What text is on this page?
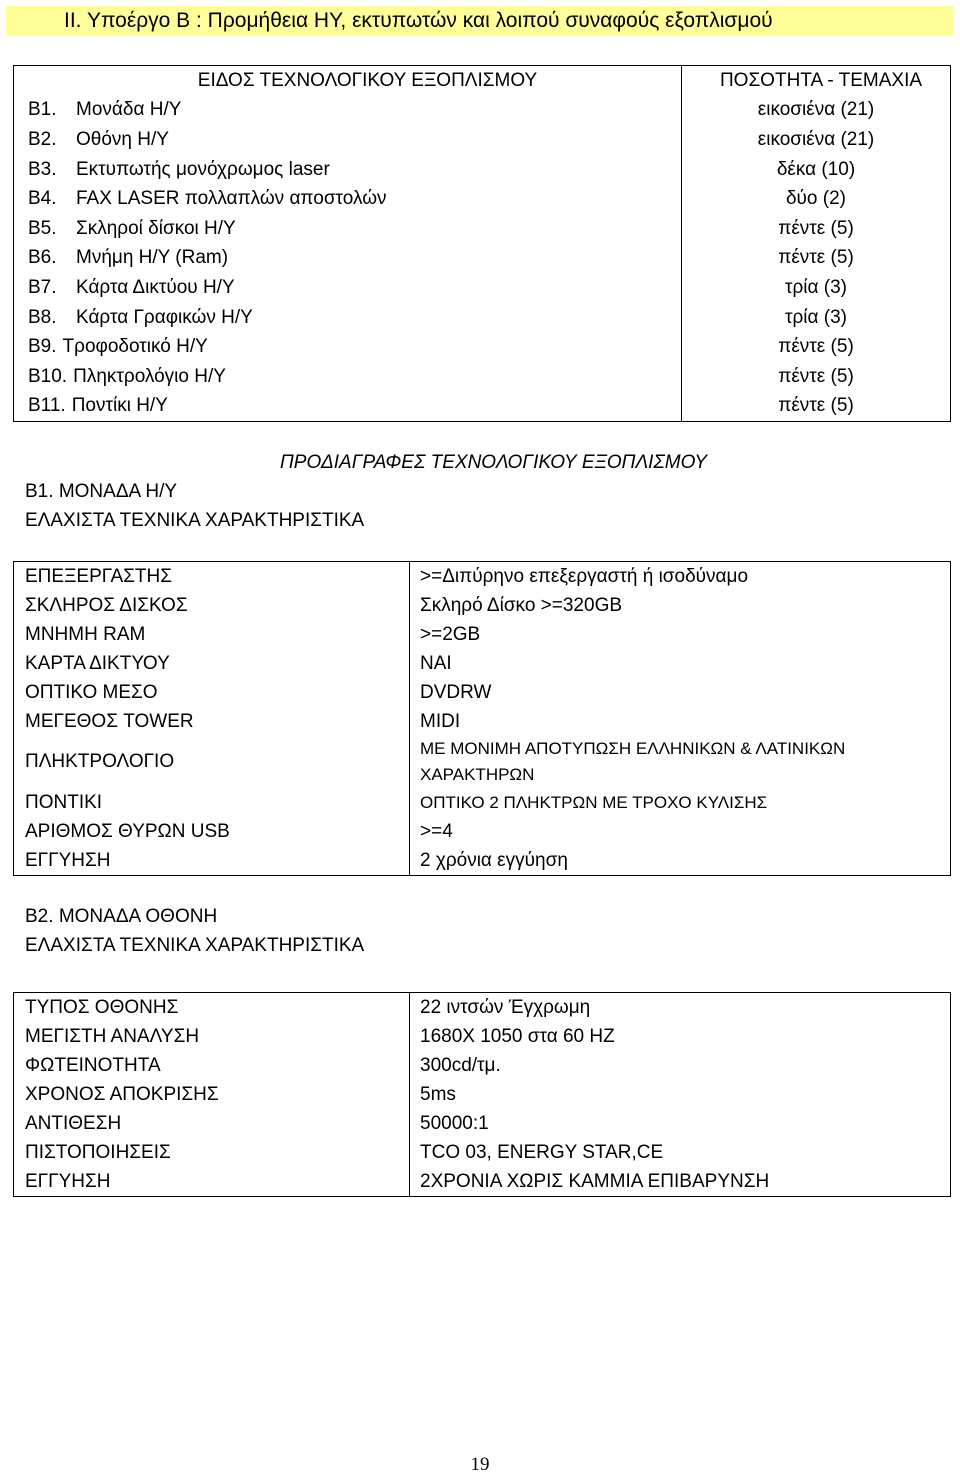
ΙΙ. Υποέργο Β : Προμήθεια ΗΥ, εκτυπωτών και λοιπού συναφούς εξοπλισμού
ΕΙΔΟΣ ΤΕΧΝΟΛΟΓΙΚΟΥ ΕΞΟΠΛΙΣΜΟΥ	ΠΟΣΟΤΗΤΑ - ΤΕΜΑΧΙΑ
Β1. Μονάδα Η/Υ	εικοσιένα (21)
Β2. Οθόνη Η/Υ	εικοσιένα (21)
Β3. Εκτυπωτής μονόχρωμος laser	δέκα (10)
Β4. FAX LASER πολλαπλών αποστολών	δύο (2)
Β5. Σκληροί δίσκοι Η/Υ	πέντε (5)
Β6. Μνήμη Η/Υ (Ram)	πέντε (5)
Β7. Κάρτα Δικτύου Η/Υ	τρία (3)
Β8. Κάρτα Γραφικών Η/Υ	τρία (3)
Β9. Τροφοδοτικό Η/Υ	πέντε (5)
Β10. Πληκτρολόγιο Η/Υ	πέντε (5)
Β11. Ποντίκι Η/Υ	πέντε (5)
ΠΡΟΔΙΑΓΡΑΦΕΣ ΤΕΧΝΟΛΟΓΙΚΟΥ ΕΞΟΠΛΙΣΜΟΥ
Β1. ΜΟΝΑΔΑ Η/Υ
ΕΛΑΧΙΣΤΑ ΤΕΧΝΙΚΑ ΧΑΡΑΚΤΗΡΙΣΤΙΚΑ
ΕΠΕΞΕΡΓΑΣΤΗΣ	>=Διπύρηνο επεξεργαστή ή ισοδύναμο
ΣΚΛΗΡΟΣ ΔΙΣΚΟΣ	Σκληρό Δίσκο >=320GB
ΜΝΗΜΗ RAM	>=2GB
ΚΑΡΤΑ ΔΙΚΤΥΟΥ	ΝΑΙ
ΟΠΤΙΚΟ ΜΕΣΟ	DVDRW
ΜΕΓΕΘΟΣ TOWER	MIDI
ΠΛΗΚΤΡΟΛΟΓΙΟ	ΜΕ ΜΟΝΙΜΗ ΑΠΟΤΥΠΩΣΗ ΕΛΛΗΝΙΚΩΝ & ΛΑΤΙΝΙΚΩΝ ΧΑΡΑΚΤΗΡΩΝ
ΠΟΝΤΙΚΙ	ΟΠΤΙΚΟ 2 ΠΛΗΚΤΡΩΝ ΜΕ ΤΡΟΧΟ ΚΥΛΙΣΗΣ
ΑΡΙΘΜΟΣ ΘΥΡΩΝ USB	>=4
ΕΓΓΥΗΣΗ	2 χρόνια εγγύηση
Β2. ΜΟΝΑΔΑ ΟΘΟΝΗ
ΕΛΑΧΙΣΤΑ ΤΕΧΝΙΚΑ ΧΑΡΑΚΤΗΡΙΣΤΙΚΑ
ΤΥΠΟΣ ΟΘΟΝΗΣ	22 ιντσών Έγχρωμη
ΜΕΓΙΣΤΗ ΑΝΑΛΥΣΗ	1680X 1050 στα 60 HZ
ΦΩΤΕΙΝΟΤΗΤΑ	300cd/τμ.
ΧΡΟΝΟΣ ΑΠΟΚΡΙΣΗΣ	5ms
ΑΝΤΙΘΕΣΗ	50000:1
ΠΙΣΤΟΠΟΙΗΣΕΙΣ	TCO 03, ENERGY STAR,CE
ΕΓΓΥΗΣΗ	2ΧΡΟΝΙΑ ΧΩΡΙΣ ΚΑΜΜΙΑ ΕΠΙΒΑΡΥΝΣΗ
19
